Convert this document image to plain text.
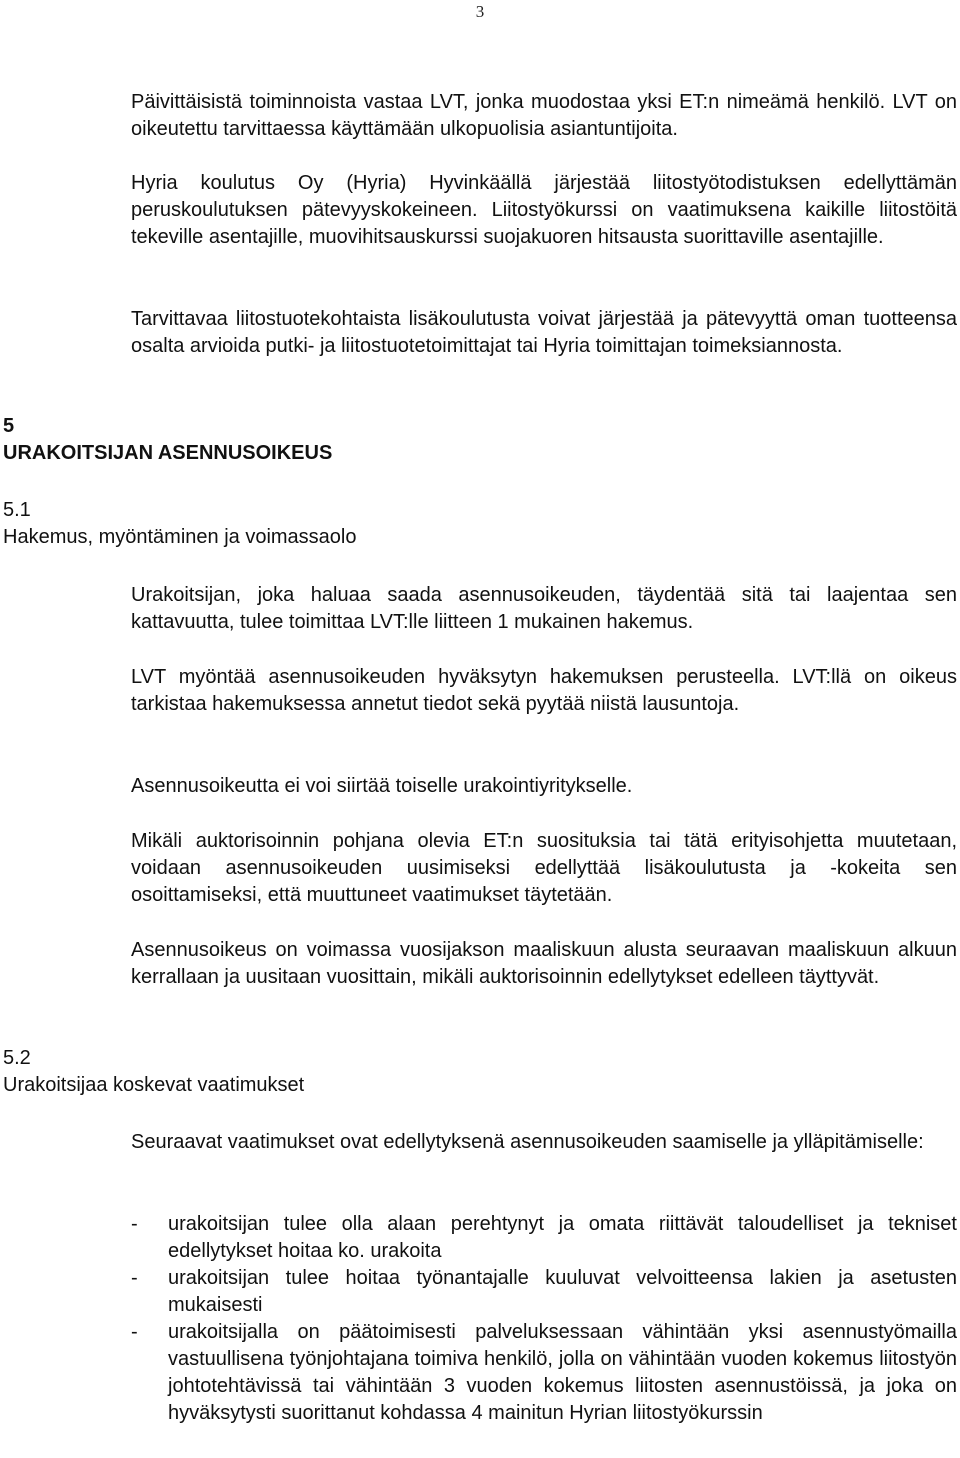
3

Päivittäisistä toiminnoista vastaa LVT, jonka muodostaa yksi ET:n nimeämä henkilö. LVT on oikeutettu tarvittaessa käyttämään ulkopuolisia asiantuntijoita.

Hyria koulutus Oy (Hyria) Hyvinkäällä järjestää liitostyötodistuksen edellyttämän peruskoulutuksen pätevyyskokeineen. Liitostyökurssi on vaatimuksena kaikille liitostöitä tekeville asentajille, muovihitsauskurssi suojakuoren hitsausta suorittaville asentajille.

Tarvittavaa liitostuotekohtaista lisäkoulutusta voivat järjestää ja pätevyyttä oman tuotteensa osalta arvioida putki- ja liitostuotetoimittajat tai Hyria toimittajan toimeksiannosta.

5
URAKOITSIJAN ASENNUSOIKEUS
5.1
Hakemus, myöntäminen ja voimassaolo

Urakoitsijan, joka haluaa saada asennusoikeuden, täydentää sitä tai laajentaa sen kattavuutta, tulee toimittaa LVT:lle liitteen 1 mukainen hakemus.

LVT myöntää asennusoikeuden hyväksytyn hakemuksen perusteella. LVT:llä on oikeus tarkistaa hakemuksessa annetut tiedot sekä pyytää niistä lausuntoja.

Asennusoikeutta ei voi siirtää toiselle urakointiyritykselle.

Mikäli auktorisoinnin pohjana olevia ET:n suosituksia tai tätä erityisohjetta muutetaan, voidaan asennusoikeuden uusimiseksi edellyttää lisäkoulutusta ja -kokeita sen osoittamiseksi, että muuttuneet vaatimukset täytetään.

Asennusoikeus on voimassa vuosijakson maaliskuun alusta seuraavan maaliskuun alkuun kerrallaan ja uusitaan vuosittain, mikäli auktorisoinnin edellytykset edelleen täyttyvät.

5.2
Urakoitsijaa koskevat vaatimukset

Seuraavat vaatimukset ovat edellytyksenä asennusoikeuden saamiselle ja ylläpitämiselle:

- urakoitsijan tulee olla alaan perehtynyt ja omata riittävät taloudelliset ja tekniset edellytykset hoitaa ko. urakoita
- urakoitsijan tulee hoitaa työnantajalle kuuluvat velvoitteensa lakien ja asetusten mukaisesti
- urakoitsijalla on päätoimisesti palveluksessaan vähintään yksi asennustyömailla vastuullisena työnjohtajana toimiva henkilö, jolla on vähintään vuoden kokemus liitostyön johtotehtävissä tai vähintään 3 vuoden kokemus liitosten asennustöissä, ja joka on hyväksytysti suorittanut kohdassa 4 mainitun Hyrian liitostyökurssin
